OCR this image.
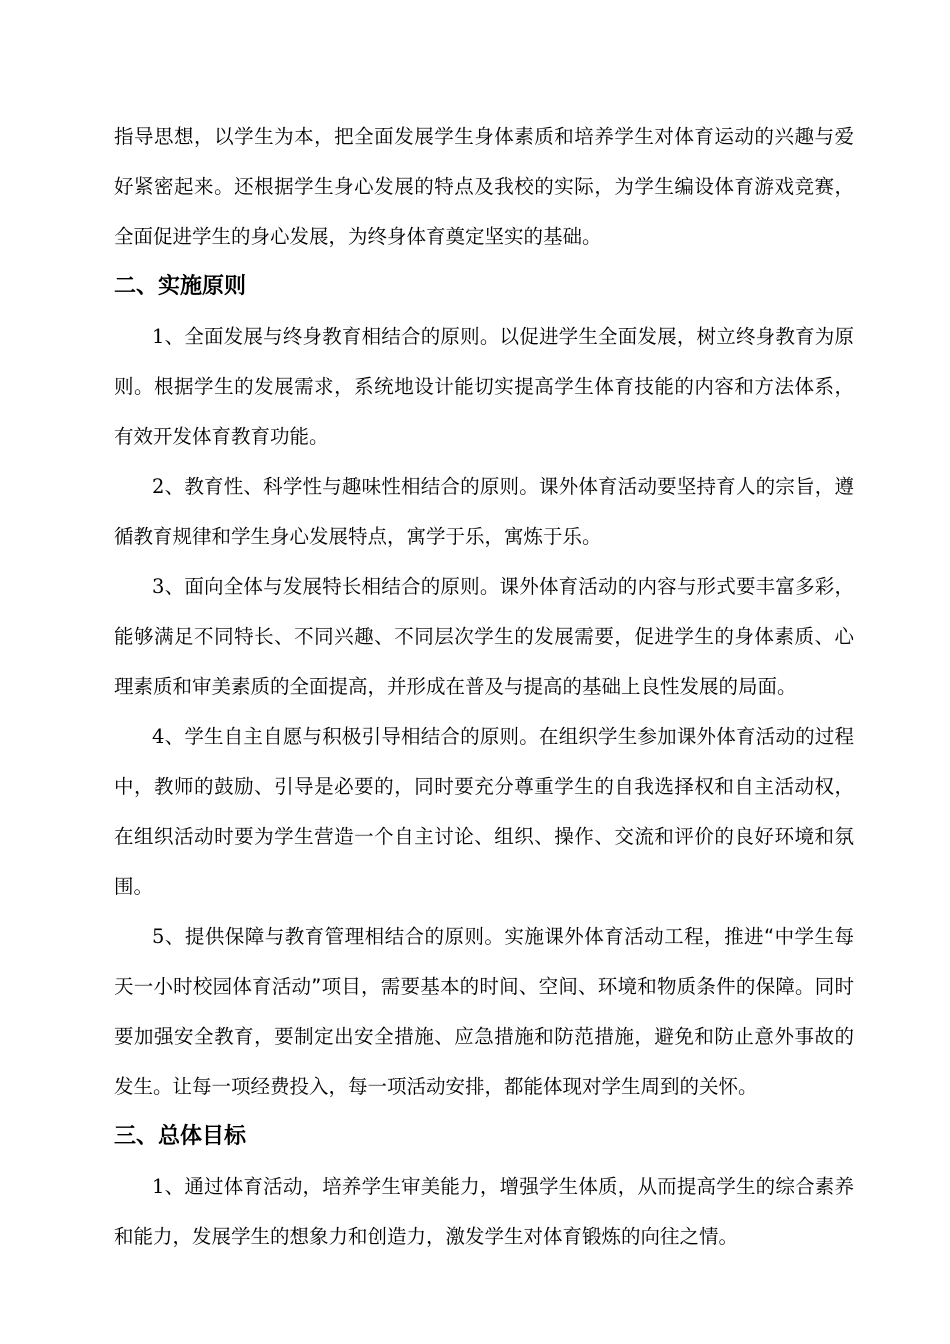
指导思想，以学生为本，把全面发展学生身体素质和培养学生对体育运动的兴趣与爱好紧密起来。还根据学生身心发展的特点及我校的实际，为学生编设体育游戏竞赛，全面促进学生的身心发展，为终身体育奠定坚实的基础。

二、实施原则

1、全面发展与终身教育相结合的原则。以促进学生全面发展，树立终身教育为原则。根据学生的发展需求，系统地设计能切实提高学生体育技能的内容和方法体系，有效开发体育教育功能。

2、教育性、科学性与趣味性相结合的原则。课外体育活动要坚持育人的宗旨，遵循教育规律和学生身心发展特点，寓学于乐，寓炼于乐。

3、面向全体与发展特长相结合的原则。课外体育活动的内容与形式要丰富多彩，能够满足不同特长、不同兴趣、不同层次学生的发展需要，促进学生的身体素质、心理素质和审美素质的全面提高，并形成在普及与提高的基础上良性发展的局面。

4、学生自主自愿与积极引导相结合的原则。在组织学生参加课外体育活动的过程中，教师的鼓励、引导是必要的，同时要充分尊重学生的自我选择权和自主活动权，在组织活动时要为学生营造一个自主讨论、组织、操作、交流和评价的良好环境和氛围。

5、提供保障与教育管理相结合的原则。实施课外体育活动工程，推进“中学生每天一小时校园体育活动”项目，需要基本的时间、空间、环境和物质条件的保障。同时要加强安全教育，要制定出安全措施、应急措施和防范措施，避免和防止意外事故的发生。让每一项经费投入，每一项活动安排，都能体现对学生周到的关怀。

三、总体目标

1、通过体育活动，培养学生审美能力，增强学生体质，从而提高学生的综合素养和能力，发展学生的想象力和创造力，激发学生对体育锻炼的向往之情。
